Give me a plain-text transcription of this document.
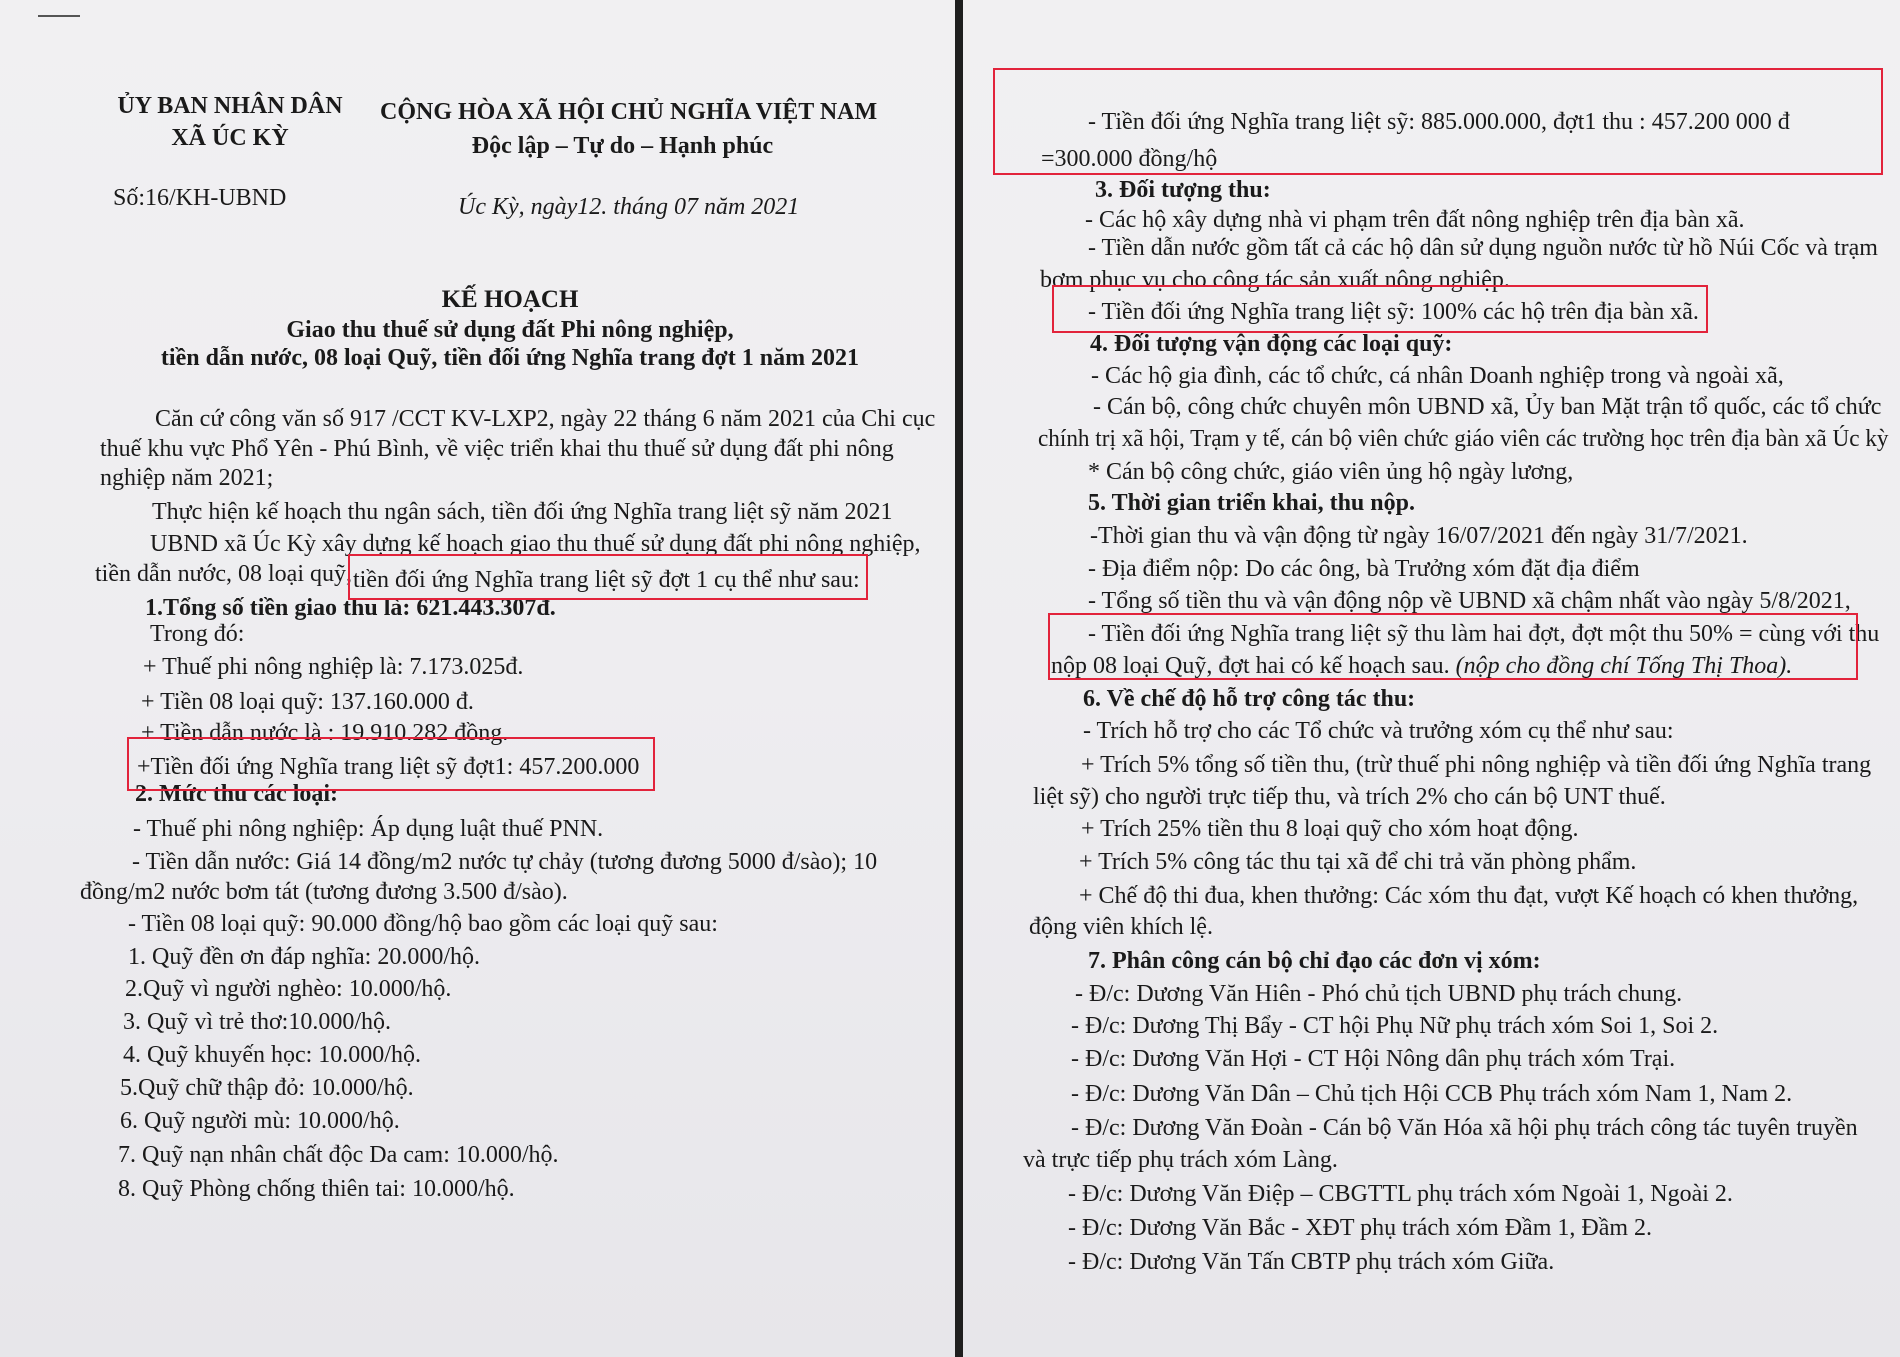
ỦY BAN NHÂN DÂN
XÃ ÚC KỲ
CỘNG HÒA XÃ HỘI CHỦ NGHĨA VIỆT NAM
Độc lập – Tự do – Hạnh phúc
Số:16/KH-UBND	Úc Kỳ, ngày12. tháng 07 năm 2021
KẾ HOẠCH
Giao thu thuế sử dụng đất Phi nông nghiệp,
tiền dẫn nước, 08 loại Quỹ, tiền đối ứng Nghĩa trang đợt 1 năm 2021
Căn cứ công văn số 917 /CCT KV-LXP2, ngày 22 tháng 6 năm 2021 của Chi cục
thuế khu vực Phổ Yên - Phú Bình, về việc triển khai thu thuế sử dụng đất phi nông
nghiệp năm 2021;
Thực hiện kế hoạch thu ngân sách, tiền đối ứng Nghĩa trang liệt sỹ năm 2021
UBND xã Úc Kỳ xây dựng kế hoạch giao thu thuế sử dụng đất phi nông nghiệp,
tiền dẫn nước, 08 loại quỹ, tiền đối ứng Nghĩa trang liệt sỹ đợt 1 cụ thể như sau:
1.Tổng số tiền giao thu là: 621.443.307đ.
Trong đó:
+ Thuế phi nông nghiệp là: 7.173.025đ.
+ Tiền 08 loại quỹ: 137.160.000 đ.
+ Tiền dẫn nước là : 19.910.282 đồng.
+Tiền đối ứng Nghĩa trang liệt sỹ đợt1: 457.200.000
2. Mức thu các loại:
- Thuế phi nông nghiệp: Áp dụng luật thuế PNN.
- Tiền dẫn nước: Giá 14 đồng/m2 nước tự chảy (tương đương 5000 đ/sào); 10
đồng/m2 nước bơm tát (tương đương 3.500 đ/sào).
- Tiền 08 loại quỹ: 90.000 đồng/hộ bao gồm các loại quỹ sau:
1. Quỹ đền ơn đáp nghĩa: 20.000/hộ.
2.Quỹ vì người nghèo: 10.000/hộ.
3. Quỹ vì trẻ thơ:10.000/hộ.
4. Quỹ khuyến học: 10.000/hộ.
5.Quỹ chữ thập đỏ: 10.000/hộ.
6. Quỹ người mù: 10.000/hộ.
7. Quỹ nạn nhân chất độc Da cam: 10.000/hộ.
8. Quỹ Phòng chống thiên tai: 10.000/hộ.
- Tiền đối ứng Nghĩa trang liệt sỹ: 885.000.000, đợt1 thu : 457.200 000 đ
=300.000 đồng/hộ
3. Đối tượng thu:
- Các hộ xây dựng nhà vi phạm trên đất nông nghiệp trên địa bàn xã.
- Tiền dẫn nước gồm tất cả các hộ dân sử dụng nguồn nước từ hồ Núi Cốc và trạm
bơm phục vụ cho công tác sản xuất nông nghiệp.
- Tiền đối ứng Nghĩa trang liệt sỹ: 100% các hộ trên địa bàn xã.
4. Đối tượng vận động các loại quỹ:
- Các hộ gia đình, các tổ chức, cá nhân Doanh nghiệp trong và ngoài xã,
- Cán bộ, công chức chuyên môn UBND xã, Ủy ban Mặt trận tổ quốc, các tổ chức
chính trị xã hội, Trạm y tế, cán bộ viên chức giáo viên các trường học trên địa bàn xã Úc kỳ
* Cán bộ công chức, giáo viên ủng hộ ngày lương,
5. Thời gian triển khai, thu nộp.
-Thời gian thu và vận động từ ngày 16/07/2021 đến ngày 31/7/2021.
- Địa điểm nộp: Do các ông, bà Trưởng xóm đặt địa điểm
- Tổng số tiền thu và vận động nộp về UBND xã chậm nhất vào ngày 5/8/2021,
- Tiền đối ứng Nghĩa trang liệt sỹ thu làm hai đợt, đợt một thu 50% = cùng với thu
nộp 08 loại Quỹ, đợt hai có kế hoạch sau. (nộp cho đồng chí Tống Thị Thoa).
6. Về chế độ hỗ trợ công tác thu:
- Trích hỗ trợ cho các Tổ chức và trưởng xóm cụ thể như sau:
+ Trích 5% tổng số tiền thu, (trừ thuế phi nông nghiệp và tiền đối ứng Nghĩa trang
liệt sỹ) cho người trực tiếp thu, và trích 2% cho cán bộ UNT thuế.
+ Trích 25% tiền thu 8 loại quỹ cho xóm hoạt động.
+ Trích 5% công tác thu tại xã để chi trả văn phòng phẩm.
+ Chế độ thi đua, khen thưởng: Các xóm thu đạt, vượt Kế hoạch có khen thưởng,
động viên khích lệ.
7. Phân công cán bộ chỉ đạo các đơn vị xóm:
- Đ/c: Dương Văn Hiên - Phó chủ tịch UBND phụ trách chung.
- Đ/c: Dương Thị Bẩy - CT hội Phụ Nữ phụ trách xóm Soi 1, Soi 2.
- Đ/c: Dương Văn Hợi - CT Hội Nông dân phụ trách xóm Trại.
- Đ/c: Dương Văn Dân – Chủ tịch Hội CCB Phụ trách xóm Nam 1, Nam 2.
- Đ/c: Dương Văn Đoàn - Cán bộ Văn Hóa xã hội phụ trách công tác tuyên truyền
và trực tiếp phụ trách xóm Làng.
- Đ/c: Dương Văn Điệp – CBGTTL phụ trách xóm Ngoài 1, Ngoài 2.
- Đ/c: Dương Văn Bắc - XĐT phụ trách xóm Đầm 1, Đầm 2.
- Đ/c: Dương Văn Tấn CBTP phụ trách xóm Giữa.
